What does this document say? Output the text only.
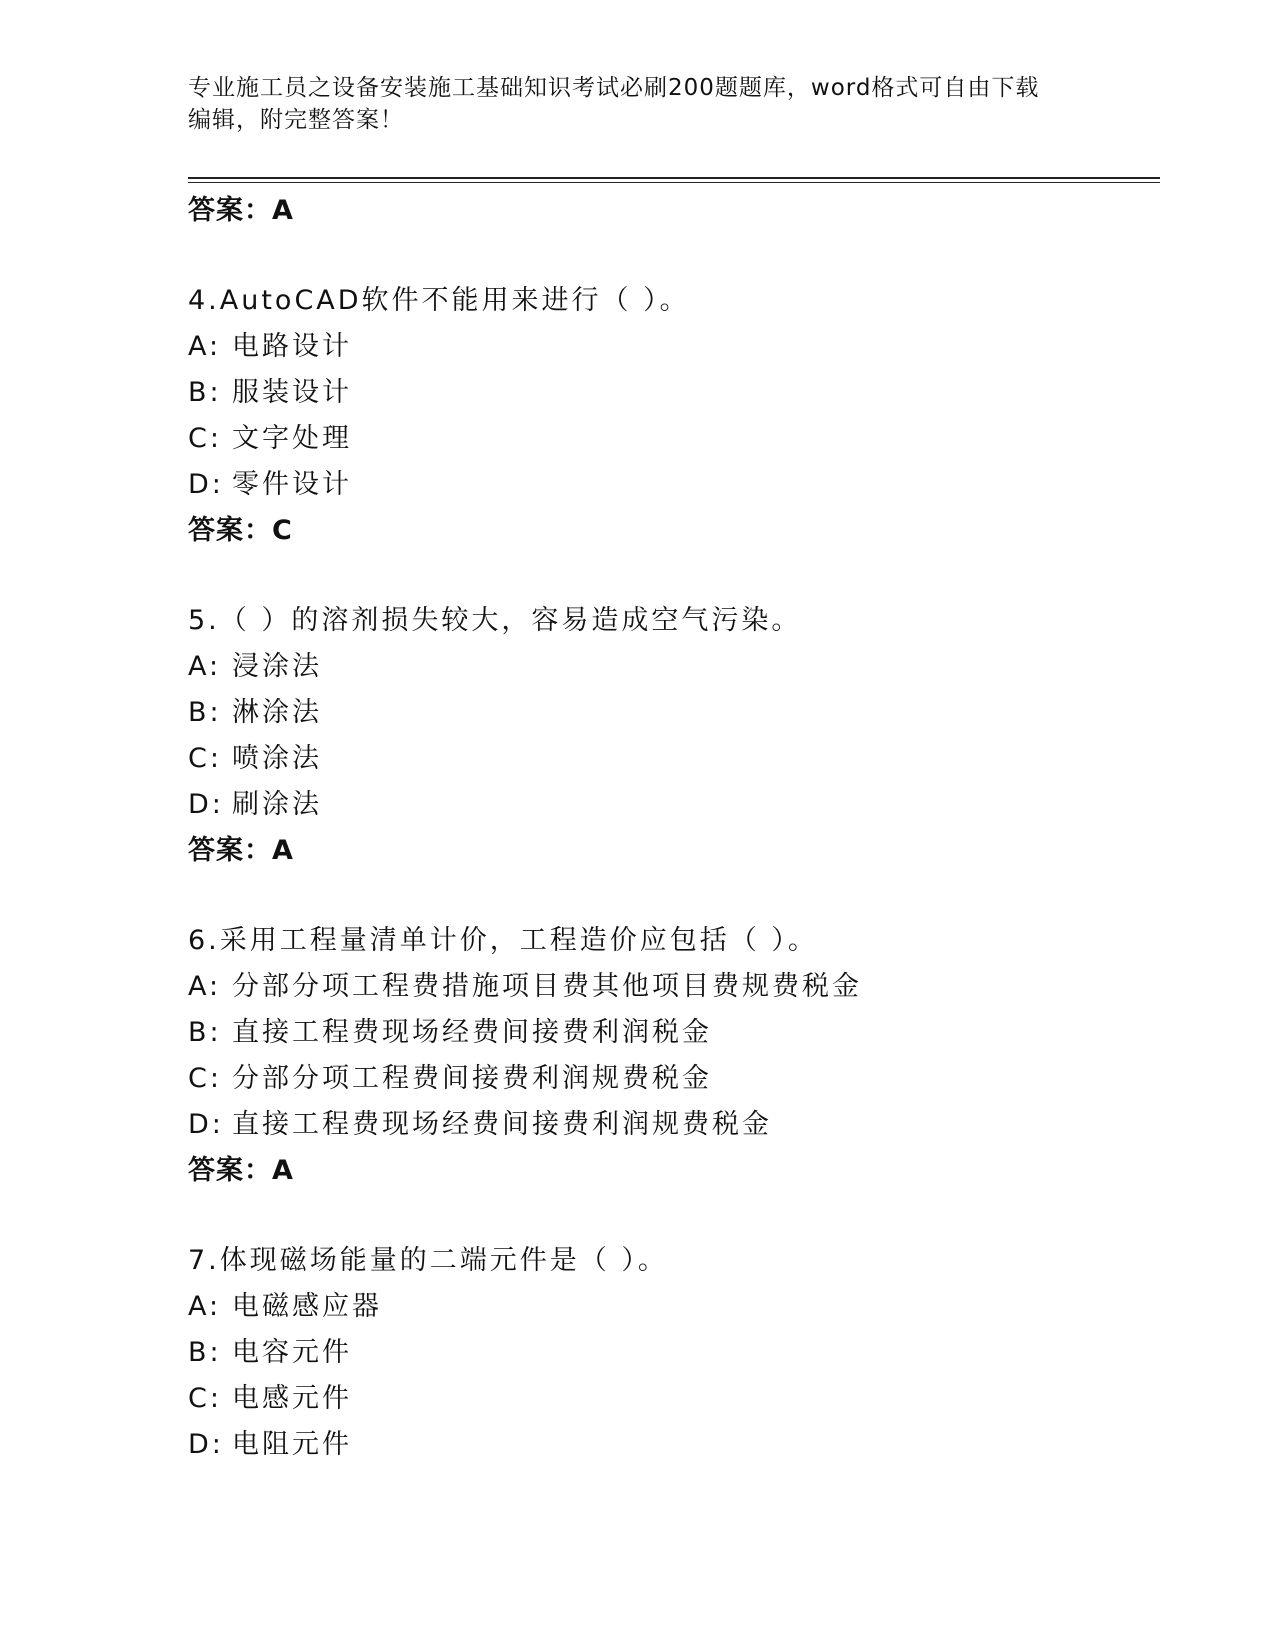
专业施工员之设备安装施工基础知识考试必刷200题题库，word格式可自由下载
编辑，附完整答案！
答案：A
4.AutoCAD软件不能用来进行（ ）。
A: 电路设计
B: 服装设计
C: 文字处理
D: 零件设计
答案：C
5.（ ）的溶剂损失较大，容易造成空气污染。
A: 浸涂法
B: 淋涂法
C: 喷涂法
D: 刷涂法
答案：A
6.采用工程量清单计价，工程造价应包括（ ）。
A: 分部分项工程费措施项目费其他项目费规费税金
B: 直接工程费现场经费间接费利润税金
C: 分部分项工程费间接费利润规费税金
D: 直接工程费现场经费间接费利润规费税金
答案：A
7.体现磁场能量的二端元件是（ ）。
A: 电磁感应器
B: 电容元件
C: 电感元件
D: 电阻元件
